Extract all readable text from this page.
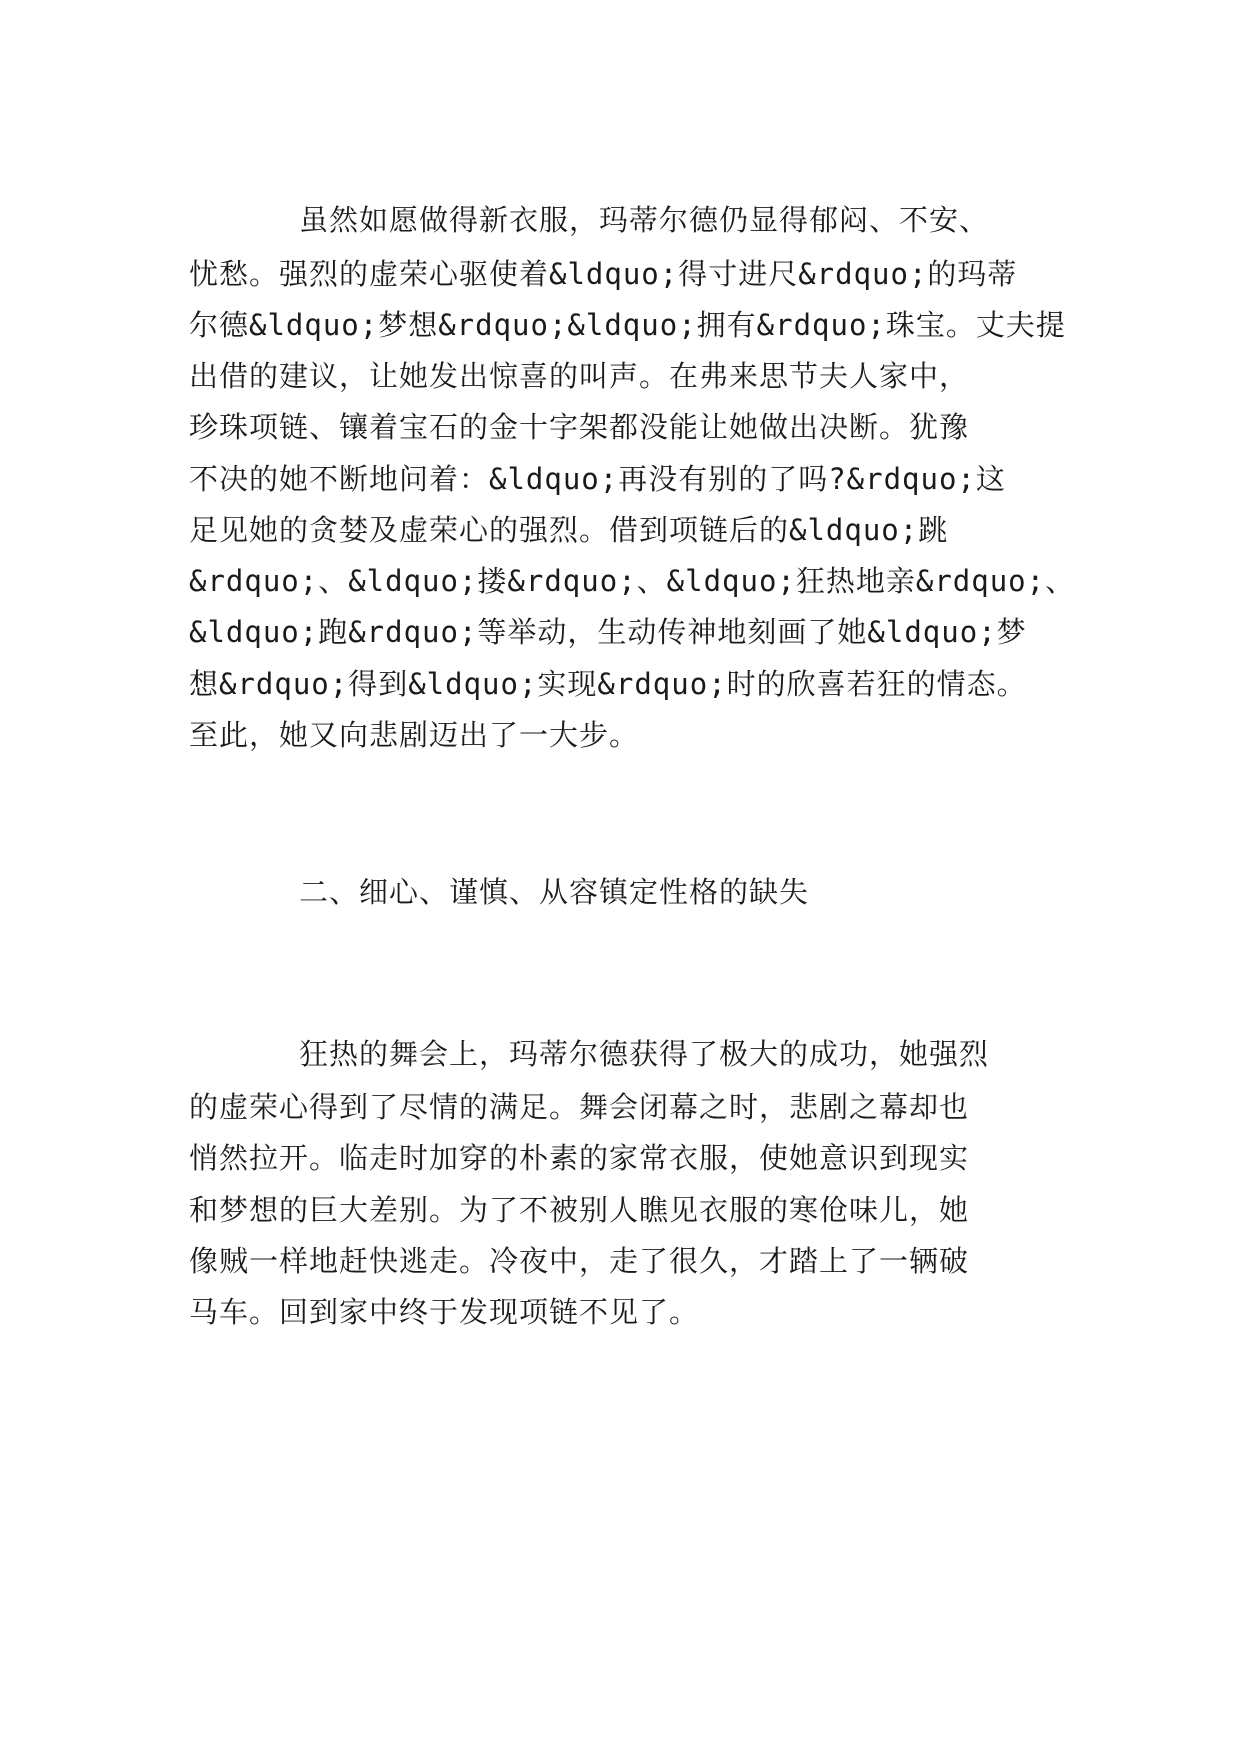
虽然如愿做得新衣服，玛蒂尔德仍显得郁闷、不安、
忧愁。强烈的虚荣心驱使着&ldquo;得寸进尺&rdquo;的玛蒂
尔德&ldquo;梦想&rdquo;&ldquo;拥有&rdquo;珠宝。丈夫提
出借的建议，让她发出惊喜的叫声。在弗来思节夫人家中，
珍珠项链、镶着宝石的金十字架都没能让她做出决断。犹豫
不决的她不断地问着：&ldquo;再没有别的了吗?&rdquo;这
足见她的贪婪及虚荣心的强烈。借到项链后的&ldquo;跳
&rdquo;、&ldquo;搂&rdquo;、&ldquo;狂热地亲&rdquo;、
&ldquo;跑&rdquo;等举动，生动传神地刻画了她&ldquo;梦
想&rdquo;得到&ldquo;实现&rdquo;时的欣喜若狂的情态。
至此，她又向悲剧迈出了一大步。
二、细心、谨慎、从容镇定性格的缺失
狂热的舞会上，玛蒂尔德获得了极大的成功，她强烈
的虚荣心得到了尽情的满足。舞会闭幕之时，悲剧之幕却也
悄然拉开。临走时加穿的朴素的家常衣服，使她意识到现实
和梦想的巨大差别。为了不被别人瞧见衣服的寒伧味儿，她
像贼一样地赶快逃走。冷夜中，走了很久，才踏上了一辆破
马车。回到家中终于发现项链不见了。
